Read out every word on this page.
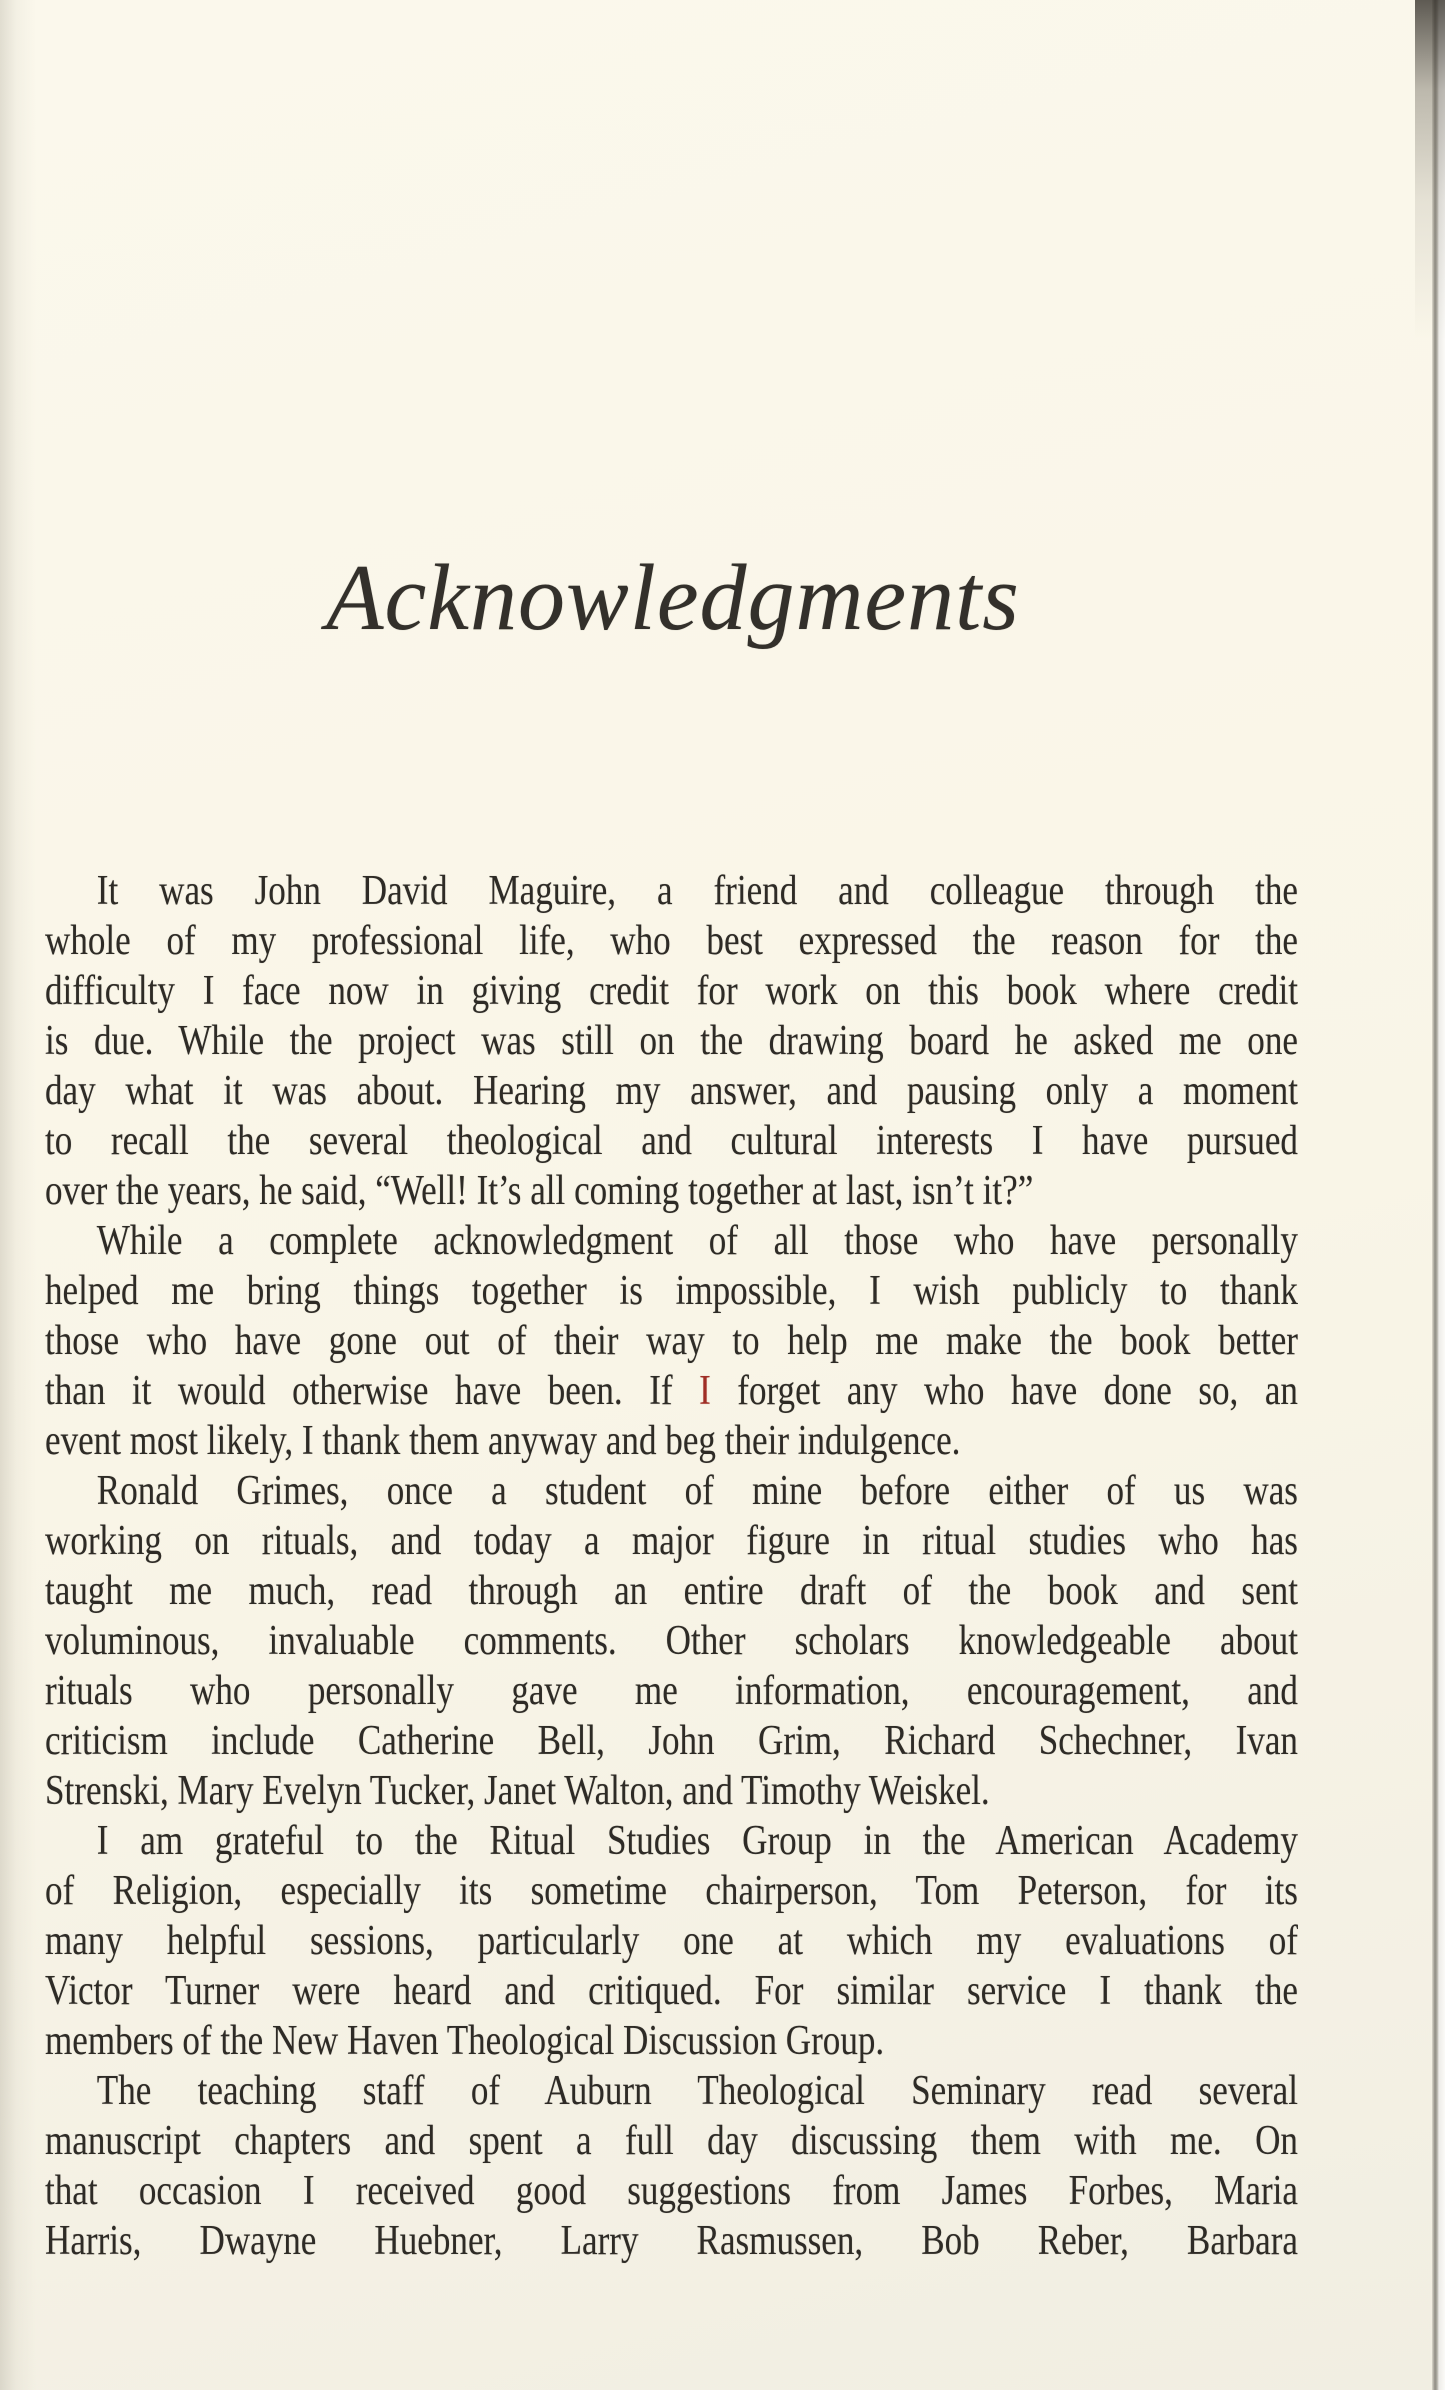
Acknowledgments
It was John David Maguire, a friend and colleague through the
whole of my professional life, who best expressed the reason for the
difficulty I face now in giving credit for work on this book where credit
is due. While the project was still on the drawing board he asked me one
day what it was about. Hearing my answer, and pausing only a moment
to recall the several theological and cultural interests I have pursued
over the years, he said, “Well! It’s all coming together at last, isn’t it?”
While a complete acknowledgment of all those who have personally
helped me bring things together is impossible, I wish publicly to thank
those who have gone out of their way to help me make the book better
than it would otherwise have been. If I forget any who have done so, an
event most likely, I thank them anyway and beg their indulgence.
Ronald Grimes, once a student of mine before either of us was
working on rituals, and today a major figure in ritual studies who has
taught me much, read through an entire draft of the book and sent
voluminous, invaluable comments. Other scholars knowledgeable about
rituals who personally gave me information, encouragement, and
criticism include Catherine Bell, John Grim, Richard Schechner, Ivan
Strenski, Mary Evelyn Tucker, Janet Walton, and Timothy Weiskel.
I am grateful to the Ritual Studies Group in the American Academy
of Religion, especially its sometime chairperson, Tom Peterson, for its
many helpful sessions, particularly one at which my evaluations of
Victor Turner were heard and critiqued. For similar service I thank the
members of the New Haven Theological Discussion Group.
The teaching staff of Auburn Theological Seminary read several
manuscript chapters and spent a full day discussing them with me. On
that occasion I received good suggestions from James Forbes, Maria
Harris, Dwayne Huebner, Larry Rasmussen, Bob Reber, Barbara
